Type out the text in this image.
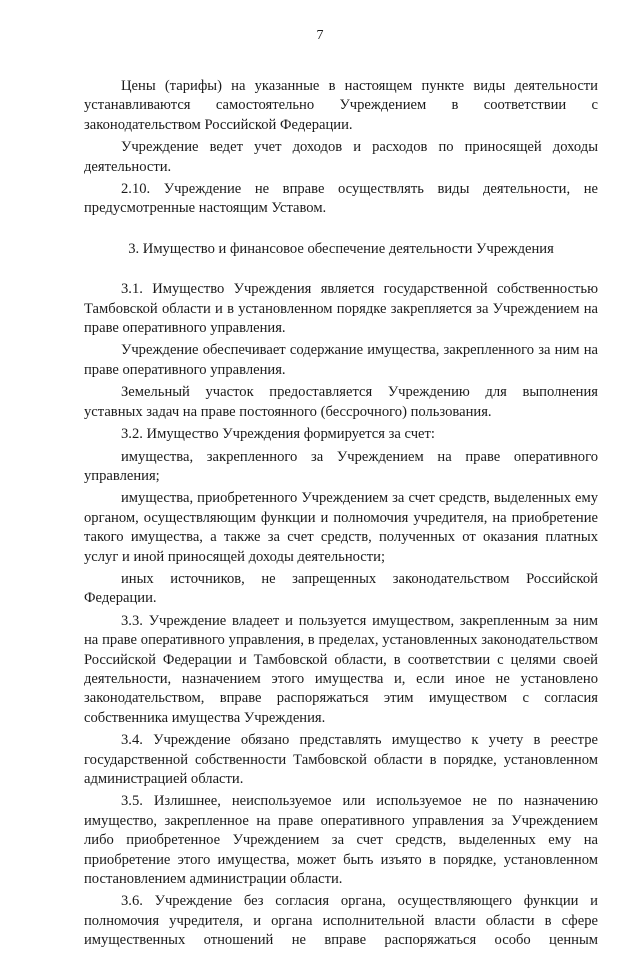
7

Цены (тарифы) на указанные в настоящем пункте виды деятельности устанавливаются самостоятельно Учреждением в соответствии с законодательством Российской Федерации.

Учреждение ведет учет доходов и расходов по приносящей доходы деятельности.

2.10. Учреждение не вправе осуществлять виды деятельности, не предусмотренные настоящим Уставом.

3. Имущество и финансовое обеспечение деятельности Учреждения

3.1. Имущество Учреждения является государственной собственностью Тамбовской области и в установленном порядке закрепляется за Учреждением на праве оперативного управления.

Учреждение обеспечивает содержание имущества, закрепленного за ним на праве оперативного управления.

Земельный участок предоставляется Учреждению для выполнения уставных задач на праве постоянного (бессрочного) пользования.

3.2. Имущество Учреждения формируется за счет:

имущества, закрепленного за Учреждением на праве оперативного управления;

имущества, приобретенного Учреждением за счет средств, выделенных ему органом, осуществляющим функции и полномочия учредителя, на приобретение такого имущества, а также за счет средств, полученных от оказания платных услуг и иной приносящей доходы деятельности;

иных источников, не запрещенных законодательством Российской Федерации.

3.3. Учреждение владеет и пользуется имуществом, закрепленным за ним на праве оперативного управления, в пределах, установленных законодательством Российской Федерации и Тамбовской области, в соответствии с целями своей деятельности, назначением этого имущества и, если иное не установлено законодательством, вправе распоряжаться этим имуществом с согласия собственника имущества Учреждения.

3.4. Учреждение обязано представлять имущество к учету в реестре государственной собственности Тамбовской области в порядке, установленном администрацией области.

3.5. Излишнее, неиспользуемое или используемое не по назначению имущество, закрепленное на праве оперативного управления за Учреждением либо приобретенное Учреждением за счет средств, выделенных ему на приобретение этого имущества, может быть изъято в порядке, установленном постановлением администрации области.

3.6. Учреждение без согласия органа, осуществляющего функции и полномочия учредителя, и органа исполнительной власти области в сфере имущественных отношений не вправе распоряжаться особо ценным
